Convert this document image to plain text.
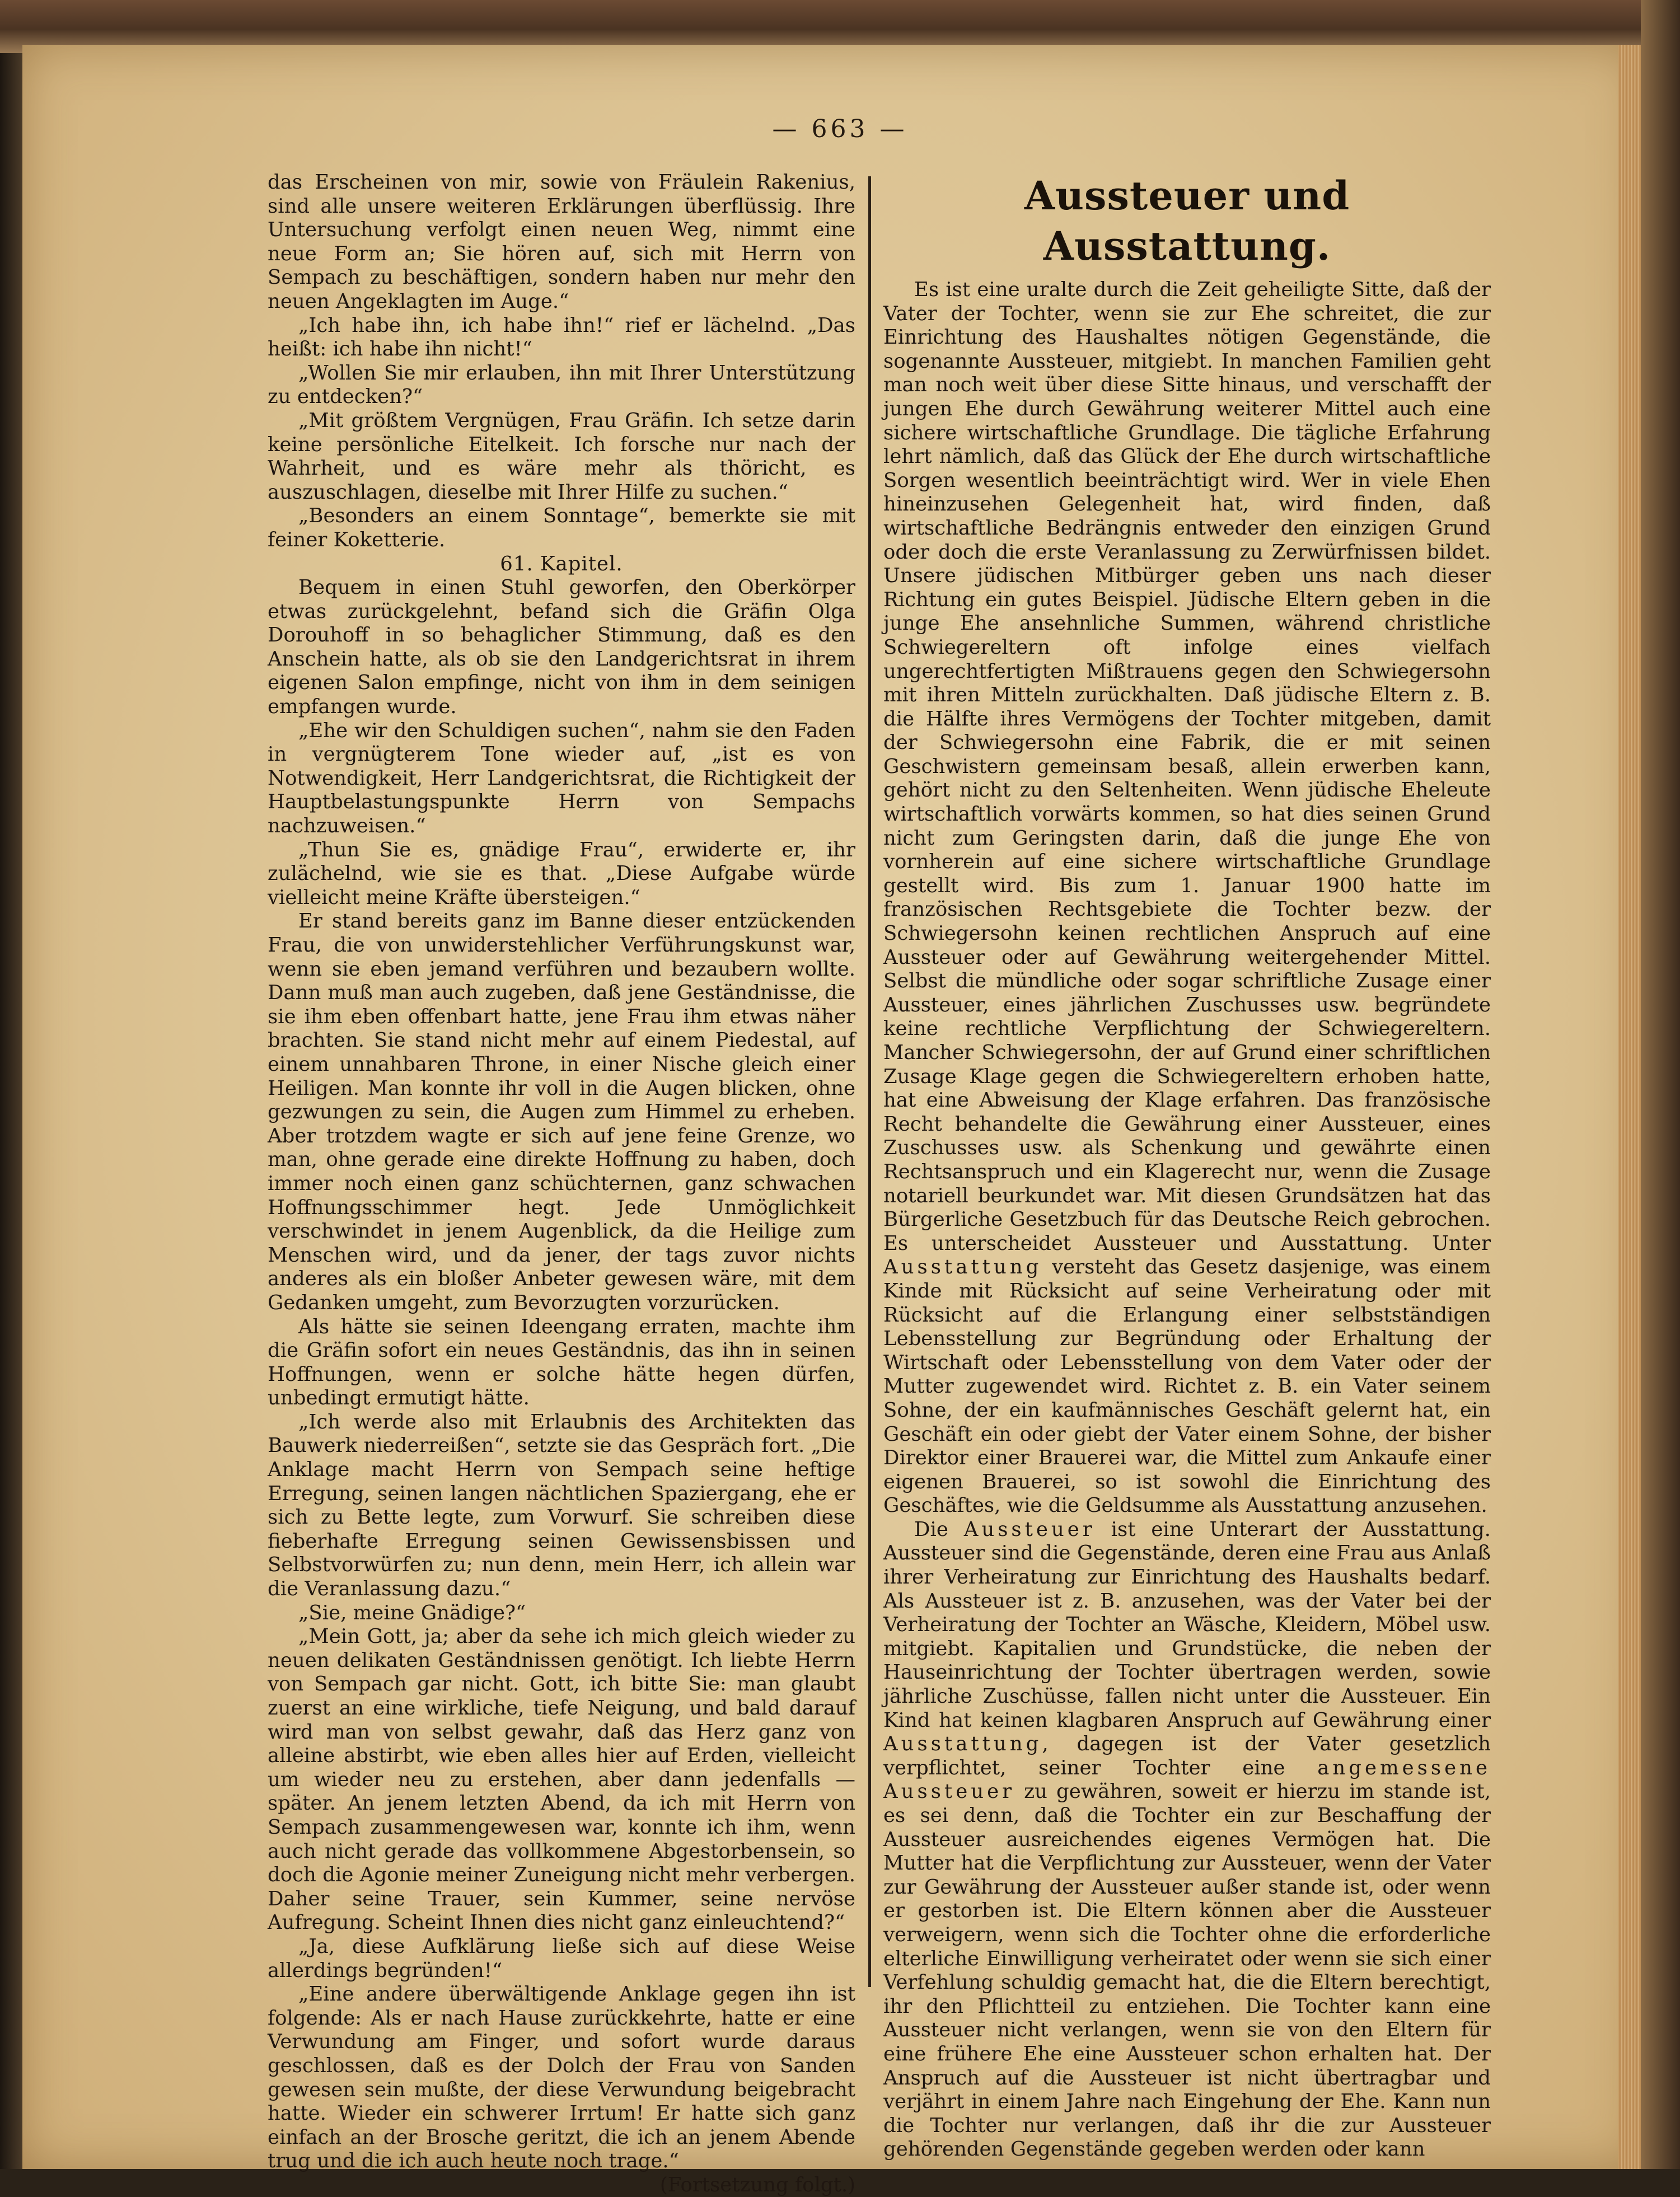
— 663 —

das Erscheinen von mir, sowie von Fräulein Rakenius, sind alle unsere weiteren Erklärungen überflüssig. Ihre Untersuchung verfolgt einen neuen Weg, nimmt eine neue Form an; Sie hören auf, sich mit Herrn von Sempach zu beschäftigen, sondern haben nur mehr den neuen Angeklagten im Auge.“

„Ich habe ihn, ich habe ihn!“ rief er lächelnd. „Das heißt: ich habe ihn nicht!“

„Wollen Sie mir erlauben, ihn mit Ihrer Unterstützung zu entdecken?“

„Mit größtem Vergnügen, Frau Gräfin. Ich setze darin keine persönliche Eitelkeit. Ich forsche nur nach der Wahrheit, und es wäre mehr als thöricht, es auszuschlagen, dieselbe mit Ihrer Hilfe zu suchen.“

„Besonders an einem Sonntage“, bemerkte sie mit feiner Koketterie.

61. Kapitel.

Bequem in einen Stuhl geworfen, den Oberkörper etwas zurückgelehnt, befand sich die Gräfin Olga Dorouhoff in so behaglicher Stimmung, daß es den Anschein hatte, als ob sie den Landgerichtsrat in ihrem eigenen Salon empfinge, nicht von ihm in dem seinigen empfangen wurde.

„Ehe wir den Schuldigen suchen“, nahm sie den Faden in vergnügterem Tone wieder auf, „ist es von Notwendigkeit, Herr Landgerichtsrat, die Richtigkeit der Hauptbelastungspunkte Herrn von Sempachs nachzuweisen.“

„Thun Sie es, gnädige Frau“, erwiderte er, ihr zulächelnd, wie sie es that. „Diese Aufgabe würde vielleicht meine Kräfte übersteigen.“

Er stand bereits ganz im Banne dieser entzückenden Frau, die von unwiderstehlicher Verführungskunst war, wenn sie eben jemand verführen und bezaubern wollte. Dann muß man auch zugeben, daß jene Geständnisse, die sie ihm eben offenbart hatte, jene Frau ihm etwas näher brachten. Sie stand nicht mehr auf einem Piedestal, auf einem unnahbaren Throne, in einer Nische gleich einer Heiligen. Man konnte ihr voll in die Augen blicken, ohne gezwungen zu sein, die Augen zum Himmel zu erheben. Aber trotzdem wagte er sich auf jene feine Grenze, wo man, ohne gerade eine direkte Hoffnung zu haben, doch immer noch einen ganz schüchternen, ganz schwachen Hoffnungsschimmer hegt. Jede Unmöglichkeit verschwindet in jenem Augenblick, da die Heilige zum Menschen wird, und da jener, der tags zuvor nichts anderes als ein bloßer Anbeter gewesen wäre, mit dem Gedanken umgeht, zum Bevorzugten vorzurücken.

Als hätte sie seinen Ideengang erraten, machte ihm die Gräfin sofort ein neues Geständnis, das ihn in seinen Hoffnungen, wenn er solche hätte hegen dürfen, unbedingt ermutigt hätte.

„Ich werde also mit Erlaubnis des Architekten das Bauwerk niederreißen“, setzte sie das Gespräch fort. „Die Anklage macht Herrn von Sempach seine heftige Erregung, seinen langen nächtlichen Spaziergang, ehe er sich zu Bette legte, zum Vorwurf. Sie schreiben diese fieberhafte Erregung seinen Gewissensbissen und Selbstvorwürfen zu; nun denn, mein Herr, ich allein war die Veranlassung dazu.“

„Sie, meine Gnädige?“

„Mein Gott, ja; aber da sehe ich mich gleich wieder zu neuen delikaten Geständnissen genötigt. Ich liebte Herrn von Sempach gar nicht. Gott, ich bitte Sie: man glaubt zuerst an eine wirkliche, tiefe Neigung, und bald darauf wird man von selbst gewahr, daß das Herz ganz von alleine abstirbt, wie eben alles hier auf Erden, vielleicht um wieder neu zu erstehen, aber dann jedenfalls — später. An jenem letzten Abend, da ich mit Herrn von Sempach zusammengewesen war, konnte ich ihm, wenn auch nicht gerade das vollkommene Abgestorbensein, so doch die Agonie meiner Zuneigung nicht mehr verbergen. Daher seine Trauer, sein Kummer, seine nervöse Aufregung. Scheint Ihnen dies nicht ganz einleuchtend?“

„Ja, diese Aufklärung ließe sich auf diese Weise allerdings begründen!“

„Eine andere überwältigende Anklage gegen ihn ist folgende: Als er nach Hause zurückkehrte, hatte er eine Verwundung am Finger, und sofort wurde daraus geschlossen, daß es der Dolch der Frau von Sanden gewesen sein mußte, der diese Verwundung beigebracht hatte. Wieder ein schwerer Irrtum! Er hatte sich ganz einfach an der Brosche geritzt, die ich an jenem Abende trug und die ich auch heute noch trage.“

(Fortsetzung folgt.)

Aussteuer und Ausstattung.

Es ist eine uralte durch die Zeit geheiligte Sitte, daß der Vater der Tochter, wenn sie zur Ehe schreitet, die zur Einrichtung des Haushaltes nötigen Gegenstände, die sogenannte Aussteuer, mitgiebt. In manchen Familien geht man noch weit über diese Sitte hinaus, und verschafft der jungen Ehe durch Gewährung weiterer Mittel auch eine sichere wirtschaftliche Grundlage. Die tägliche Erfahrung lehrt nämlich, daß das Glück der Ehe durch wirtschaftliche Sorgen wesentlich beeinträchtigt wird. Wer in viele Ehen hineinzusehen Gelegenheit hat, wird finden, daß wirtschaftliche Bedrängnis entweder den einzigen Grund oder doch die erste Veranlassung zu Zerwürfnissen bildet. Unsere jüdischen Mitbürger geben uns nach dieser Richtung ein gutes Beispiel. Jüdische Eltern geben in die junge Ehe ansehnliche Summen, während christliche Schwiegereltern oft infolge eines vielfach ungerechtfertigten Mißtrauens gegen den Schwiegersohn mit ihren Mitteln zurückhalten. Daß jüdische Eltern z. B. die Hälfte ihres Vermögens der Tochter mitgeben, damit der Schwiegersohn eine Fabrik, die er mit seinen Geschwistern gemeinsam besaß, allein erwerben kann, gehört nicht zu den Seltenheiten. Wenn jüdische Eheleute wirtschaftlich vorwärts kommen, so hat dies seinen Grund nicht zum Geringsten darin, daß die junge Ehe von vornherein auf eine sichere wirtschaftliche Grundlage gestellt wird. Bis zum 1. Januar 1900 hatte im französischen Rechtsgebiete die Tochter bezw. der Schwiegersohn keinen rechtlichen Anspruch auf eine Aussteuer oder auf Gewährung weitergehender Mittel. Selbst die mündliche oder sogar schriftliche Zusage einer Aussteuer, eines jährlichen Zuschusses usw. begründete keine rechtliche Verpflichtung der Schwiegereltern. Mancher Schwiegersohn, der auf Grund einer schriftlichen Zusage Klage gegen die Schwiegereltern erhoben hatte, hat eine Abweisung der Klage erfahren. Das französische Recht behandelte die Gewährung einer Aussteuer, eines Zuschusses usw. als Schenkung und gewährte einen Rechtsanspruch und ein Klagerecht nur, wenn die Zusage notariell beurkundet war. Mit diesen Grundsätzen hat das Bürgerliche Gesetzbuch für das Deutsche Reich gebrochen. Es unterscheidet Aussteuer und Ausstattung. Unter Ausstattung versteht das Gesetz dasjenige, was einem Kinde mit Rücksicht auf seine Verheiratung oder mit Rücksicht auf die Erlangung einer selbstständigen Lebensstellung zur Begründung oder Erhaltung der Wirtschaft oder Lebensstellung von dem Vater oder der Mutter zugewendet wird. Richtet z. B. ein Vater seinem Sohne, der ein kaufmännisches Geschäft gelernt hat, ein Geschäft ein oder giebt der Vater einem Sohne, der bisher Direktor einer Brauerei war, die Mittel zum Ankaufe einer eigenen Brauerei, so ist sowohl die Einrichtung des Geschäftes, wie die Geldsumme als Ausstattung anzusehen.

Die Aussteuer ist eine Unterart der Ausstattung. Aussteuer sind die Gegenstände, deren eine Frau aus Anlaß ihrer Verheiratung zur Einrichtung des Haushalts bedarf. Als Aussteuer ist z. B. anzusehen, was der Vater bei der Verheiratung der Tochter an Wäsche, Kleidern, Möbel usw. mitgiebt. Kapitalien und Grundstücke, die neben der Hauseinrichtung der Tochter übertragen werden, sowie jährliche Zuschüsse, fallen nicht unter die Aussteuer. Ein Kind hat keinen klagbaren Anspruch auf Gewährung einer Ausstattung, dagegen ist der Vater gesetzlich verpflichtet, seiner Tochter eine angemessene Aussteuer zu gewähren, soweit er hierzu im stande ist, es sei denn, daß die Tochter ein zur Beschaffung der Aussteuer ausreichendes eigenes Vermögen hat. Die Mutter hat die Verpflichtung zur Aussteuer, wenn der Vater zur Gewährung der Aussteuer außer stande ist, oder wenn er gestorben ist. Die Eltern können aber die Aussteuer verweigern, wenn sich die Tochter ohne die erforderliche elterliche Einwilligung verheiratet oder wenn sie sich einer Verfehlung schuldig gemacht hat, die die Eltern berechtigt, ihr den Pflichtteil zu entziehen. Die Tochter kann eine Aussteuer nicht verlangen, wenn sie von den Eltern für eine frühere Ehe eine Aussteuer schon erhalten hat. Der Anspruch auf die Aussteuer ist nicht übertragbar und verjährt in einem Jahre nach Eingehung der Ehe. Kann nun die Tochter nur verlangen, daß ihr die zur Aussteuer gehörenden Gegenstände gegeben werden oder kann
